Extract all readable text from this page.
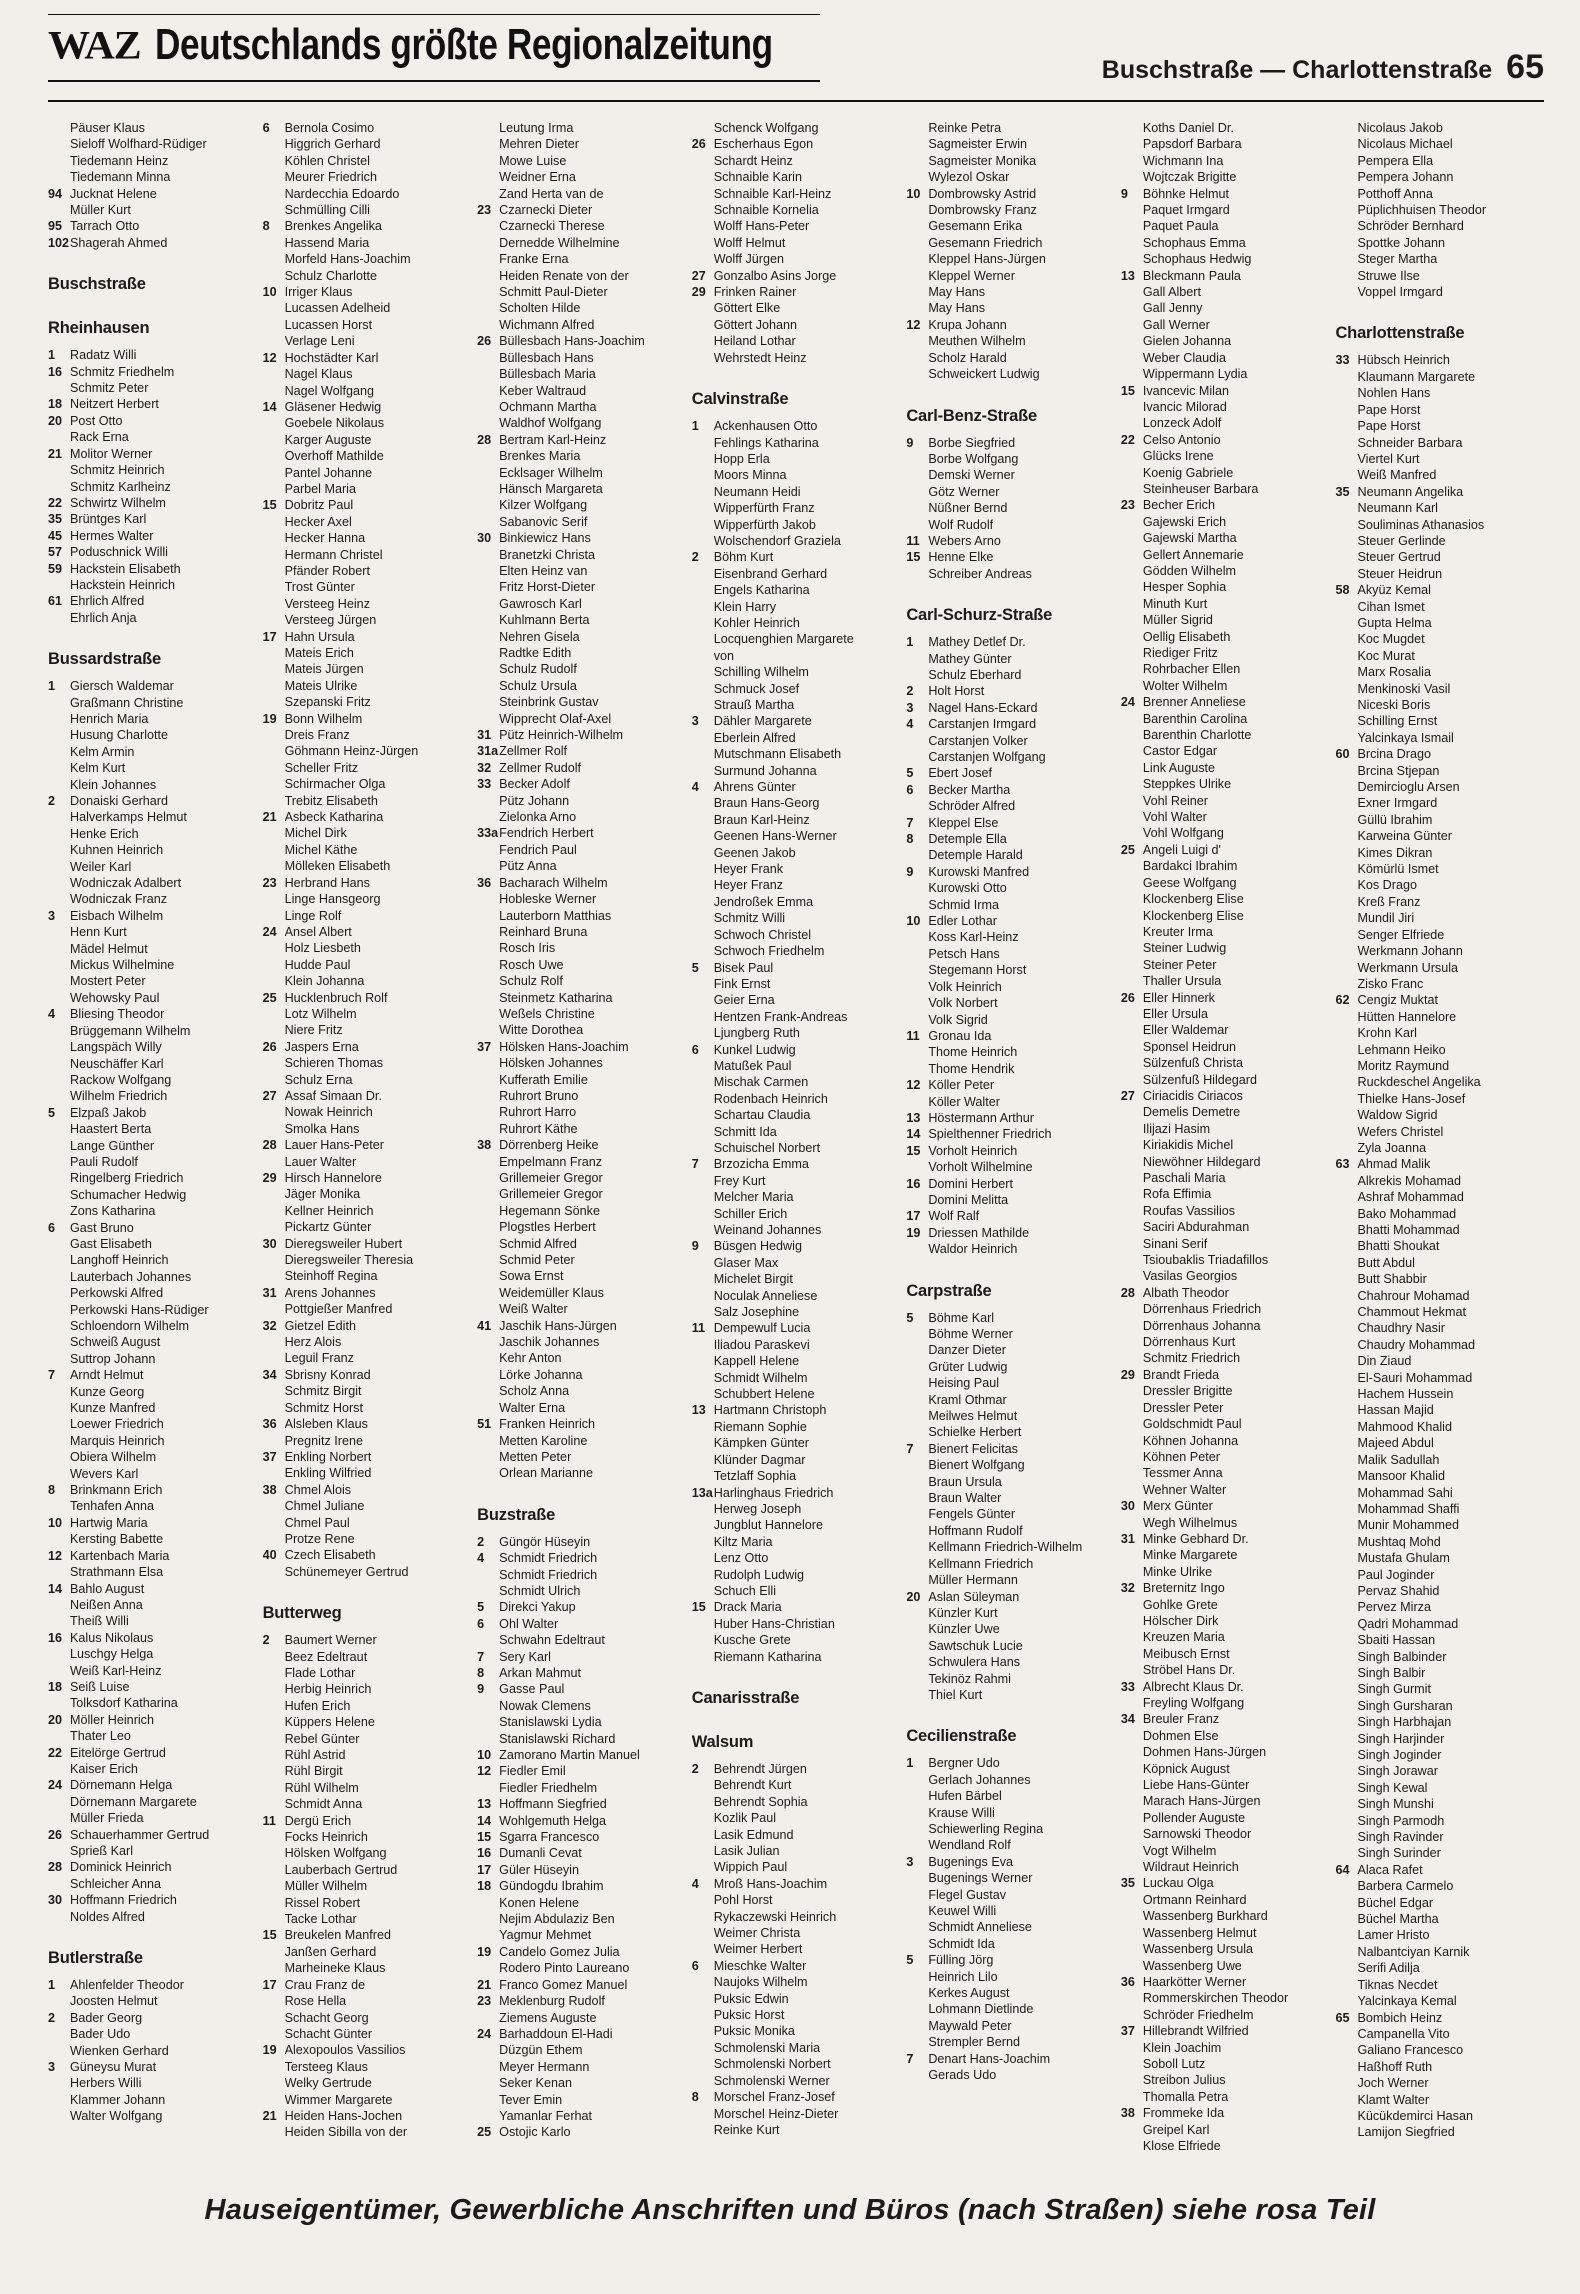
WAZ Deutschlands größte Regionalzeitung
Buschstraße — Charlottenstraße 65
Päuser Klaus
Sieloff Wolfhard-Rüdiger
Tiedemann Heinz
Tiedemann Minna
94 Jucknat Helene
Müller Kurt
95 Tarrach Otto
102 Shagerah Ahmed
Buschstraße
Rheinhausen
1	Radatz Willi
16 Schmitz Friedhelm
Schmitz Peter
18 Neitzert Herbert
20 Post Otto
Rack Erna
21 Molitor Werner
Schmitz Heinrich
Schmitz Karlheinz
22 Schwirtz Wilhelm
35 Brüntges Karl
45 Hermes Walter
57 Poduschnick Willi
59 Hackstein Elisabeth
Hackstein Heinrich
61 Ehrlich Alfred
Ehrlich Anja
Bussardstraße
1	Giersch Waldemar
Graßmann Christine
Henrich Maria
Husung Charlotte
Kelm Armin
Kelm Kurt
Klein Johannes
2	Donaiski Gerhard
Halverkamps Helmut
Henke Erich
Kuhnen Heinrich
Weiler Karl
Wodniczak Adalbert
Wodniczak Franz
3	Eisbach Wilhelm
Henn Kurt
Mädel Helmut
Mickus Wilhelmine
Mostert Peter
Wehowsky Paul
4	Bliesing Theodor
Brüggemann Wilhelm
Langspäch Willy
Neuschäffer Karl
Rackow Wolfgang
Wilhelm Friedrich
5	Elzpaß Jakob
Haastert Berta
Lange Günther
Pauli Rudolf
Ringelberg Friedrich
Schumacher Hedwig
Zons Katharina
6	Gast Bruno
Gast Elisabeth
Langhoff Heinrich
Lauterbach Johannes
Perkowski Alfred
Perkowski Hans-Rüdiger
Schloendorn Wilhelm
Schweiß August
Suttrop Johann
7	Arndt Helmut
Kunze Georg
Kunze Manfred
Loewer Friedrich
Marquis Heinrich
Obiera Wilhelm
Wevers Karl
8	Brinkmann Erich
Tenhafen Anna
10 Hartwig Maria
Kersting Babette
12 Kartenbach Maria
Strathmann Elsa
14 Bahlo August
Neißen Anna
Theiß Willi
16 Kalus Nikolaus
Luschgy Helga
Weiß Karl-Heinz
18 Seiß Luise
Tolksdorf Katharina
20 Möller Heinrich
Thater Leo
22 Eitelörge Gertrud
Kaiser Erich
24 Dörnemann Helga
Dörnemann Margarete
Müller Frieda
26 Schauerhammer Gertrud
Sprieß Karl
28 Dominick Heinrich
Schleicher Anna
30 Hoffmann Friedrich
Noldes Alfred
Butlerstraße
1	Ahlenfelder Theodor
Joosten Helmut
2	Bader Georg
Bader Udo
Wienken Gerhard
3	Güneysu Murat
Herbers Willi
Klammer Johann
Walter Wolfgang
6	Bernola Cosimo
Higgrich Gerhard
Köhlen Christel
Meurer Friedrich
Nardecchia Edoardo
Schmülling Cilli
8	Brenkes Angelika
Hassend Maria
Morfeld Hans-Joachim
Schulz Charlotte
10 Irriger Klaus
Lucassen Adelheid
Lucassen Horst
Verlage Leni
12 Hochstädter Karl
Nagel Klaus
Nagel Wolfgang
14 Gläsener Hedwig
Goebele Nikolaus
Karger Auguste
Overhoff Mathilde
Pantel Johanne
Parbel Maria
15 Dobritz Paul
Hecker Axel
Hecker Hanna
Hermann Christel
Pfänder Robert
Trost Günter
Versteeg Heinz
Versteeg Jürgen
17 Hahn Ursula
Mateis Erich
Mateis Jürgen
Mateis Ulrike
Szepanski Fritz
19 Bonn Wilhelm
Dreis Franz
Göhmann Heinz-Jürgen
Scheller Fritz
Schirmacher Olga
Trebitz Elisabeth
21 Asbeck Katharina
Michel Dirk
Michel Käthe
Mölleken Elisabeth
23 Herbrand Hans
Linge Hansgeorg
Linge Rolf
24 Ansel Albert
Holz Liesbeth
Hudde Paul
Klein Johanna
25 Hucklenbruch Rolf
Lotz Wilhelm
Niere Fritz
26 Jaspers Erna
Schieren Thomas
Schulz Erna
27 Assaf Simaan Dr.
Nowak Heinrich
Smolka Hans
28 Lauer Hans-Peter
Lauer Walter
29 Hirsch Hannelore
Jäger Monika
Kellner Heinrich
Pickartz Günter
30 Dieregsweiler Hubert
Dieregsweiler Theresia
Steinhoff Regina
31 Arens Johannes
Pottgießer Manfred
32 Gietzel Edith
Herz Alois
Leguil Franz
34 Sbrisny Konrad
Schmitz Birgit
Schmitz Horst
36 Alsleben Klaus
Pregnitz Irene
37 Enkling Norbert
Enkling Wilfried
38 Chmel Alois
Chmel Juliane
Chmel Paul
Protze Rene
40 Czech Elisabeth
Schünemeyer Gertrud
Butterweg
2	Baumert Werner
Beez Edeltraut
Flade Lothar
Herbig Heinrich
Hufen Erich
Küppers Helene
Rebel Günter
Rühl Astrid
Rühl Birgit
Rühl Wilhelm
Schmidt Anna
11 Dergü Erich
Focks Heinrich
Hölsken Wolfgang
Lauberbach Gertrud
Müller Wilhelm
Rissel Robert
Tacke Lothar
15 Breukelen Manfred
Janßen Gerhard
Marheineke Klaus
17 Crau Franz de
Rose Hella
Schacht Georg
Schacht Günter
19 Alexopoulos Vassilios
Tersteeg Klaus
Welky Gertrude
Wimmer Margarete
21 Heiden Hans-Jochen
Heiden Sibilla von der
Leutung Irma
Mehren Dieter
Mowe Luise
Weidner Erna
Zand Herta van de
23 Czarnecki Dieter
Czarnecki Therese
Dernedde Wilhelmine
Franke Erna
Heiden Renate von der
Schmitt Paul-Dieter
Scholten Hilde
Wichmann Alfred
26 Büllesbach Hans-Joachim
Büllesbach Hans
Büllesbach Maria
Keber Waltraud
Ochmann Martha
Waldhof Wolfgang
28 Bertram Karl-Heinz
Brenkes Maria
Ecklsager Wilhelm
Hänsch Margareta
Kilzer Wolfgang
Sabanovic Serif
30 Binkiewicz Hans
Branetzki Christa
Elten Heinz van
Fritz Horst-Dieter
Gawrosch Karl
Kuhlmann Berta
Nehren Gisela
Radtke Edith
Schulz Rudolf
Schulz Ursula
Steinbrink Gustav
Wipprecht Olaf-Axel
31 Pütz Heinrich-Wilhelm
31a Zellmer Rolf
32 Zellmer Rudolf
33 Becker Adolf
Pütz Johann
Zielonka Arno
33a Fendrich Herbert
Fendrich Paul
Pütz Anna
36 Bacharach Wilhelm
Hobleske Werner
Lauterborn Matthias
Reinhard Bruna
Rosch Iris
Rosch Uwe
Schulz Rolf
Steinmetz Katharina
Weßels Christine
Witte Dorothea
37 Hölsken Hans-Joachim
Hölsken Johannes
Kufferath Emilie
Ruhrort Bruno
Ruhrort Harro
Ruhrort Käthe
38 Dörrenberg Heike
Empelmann Franz
Grillemeier Gregor
Grillemeier Gregor
Hegemann Sönke
Plogstles Herbert
Schmid Alfred
Schmid Peter
Sowa Ernst
Weidemüller Klaus
Weiß Walter
41 Jaschik Hans-Jürgen
Jaschik Johannes
Kehr Anton
Lörke Johanna
Scholz Anna
Walter Erna
51 Franken Heinrich
Metten Karoline
Metten Peter
Orlean Marianne
Buzstraße
2	Güngör Hüseyin
4	Schmidt Friedrich
Schmidt Friedrich
Schmidt Ulrich
5	Direkci Yakup
6	Ohl Walter
Schwahn Edeltraut
7	Sery Karl
8	Arkan Mahmut
9	Gasse Paul
Nowak Clemens
Stanislawski Lydia
Stanislawski Richard
10 Zamorano Martin Manuel
12 Fiedler Emil
Fiedler Friedhelm
13 Hoffmann Siegfried
14 Wohlgemuth Helga
15 Sgarra Francesco
16 Dumanli Cevat
17 Güler Hüseyin
18 Gündogdu Ibrahim
Konen Helene
Nejim Abdulaziz Ben
Yagmur Mehmet
19 Candelo Gomez Julia
Rodero Pinto Laureano
21 Franco Gomez Manuel
23 Meklenburg Rudolf
Ziemens Auguste
24 Barhaddoun El-Hadi
Düzgün Ethem
Meyer Hermann
Seker Kenan
Tever Emin
Yamanlar Ferhat
25 Ostojic Karlo
Schenck Wolfgang
26 Escherhaus Egon
Schardt Heinz
Schnaible Karin
Schnaible Karl-Heinz
Schnaible Kornelia
Wolff Hans-Peter
Wolff Helmut
Wolff Jürgen
27 Gonzalbo Asins Jorge
29 Frinken Rainer
Göttert Elke
Göttert Johann
Heiland Lothar
Wehrstedt Heinz
Calvinstraße
1	Ackenhausen Otto
Fehlings Katharina
Hopp Erla
Moors Minna
Neumann Heidi
Wipperfürth Franz
Wipperfürth Jakob
Wolschendorf Graziela
2	Böhm Kurt
Eisenbrand Gerhard
Engels Katharina
Klein Harry
Kohler Heinrich
Locquenghien Margarete
von
Schilling Wilhelm
Schmuck Josef
Strauß Martha
3	Dähler Margarete
Eberlein Alfred
Mutschmann Elisabeth
Surmund Johanna
4	Ahrens Günter
Braun Hans-Georg
Braun Karl-Heinz
Geenen Hans-Werner
Geenen Jakob
Heyer Frank
Heyer Franz
Jendroßek Emma
Schmitz Willi
Schwoch Christel
Schwoch Friedhelm
5	Bisek Paul
Fink Ernst
Geier Erna
Hentzen Frank-Andreas
Ljungberg Ruth
6	Kunkel Ludwig
Matußek Paul
Mischak Carmen
Rodenbach Heinrich
Schartau Claudia
Schmitt Ida
Schuischel Norbert
7	Brzozicha Emma
Frey Kurt
Melcher Maria
Schiller Erich
Weinand Johannes
9	Büsgen Hedwig
Glaser Max
Michelet Birgit
Noculak Anneliese
Salz Josephine
11 Dempewulf Lucia
Iliadou Paraskevi
Kappell Helene
Schmidt Wilhelm
Schubbert Helene
13 Hartmann Christoph
Riemann Sophie
Kämpken Günter
Klünder Dagmar
Tetzlaff Sophia
13a Harlinghaus Friedrich
Herweg Joseph
Jungblut Hannelore
Kiltz Maria
Lenz Otto
Rudolph Ludwig
Schuch Elli
15 Drack Maria
Huber Hans-Christian
Kusche Grete
Riemann Katharina
Canarisstraße
Walsum
2	Behrendt Jürgen
Behrendt Kurt
Behrendt Sophia
Kozlik Paul
Lasik Edmund
Lasik Julian
Wippich Paul
4	Mroß Hans-Joachim
Pohl Horst
Rykaczewski Heinrich
Weimer Christa
Weimer Herbert
6	Mieschke Walter
Naujoks Wilhelm
Puksic Edwin
Puksic Horst
Puksic Monika
Schmolenski Maria
Schmolenski Norbert
Schmolenski Werner
8	Morschel Franz-Josef
Morschel Heinz-Dieter
Reinke Kurt
Reinke Petra
Sagmeister Erwin
Sagmeister Monika
Wylezol Oskar
10 Dombrowsky Astrid
Dombrowsky Franz
Gesemann Erika
Gesemann Friedrich
Kleppel Hans-Jürgen
Kleppel Werner
May Hans
May Hans
12 Krupa Johann
Meuthen Wilhelm
Scholz Harald
Schweickert Ludwig
Carl-Benz-Straße
9	Borbe Siegfried
Borbe Wolfgang
Demski Werner
Götz Werner
Nüßner Bernd
Wolf Rudolf
11 Webers Arno
15 Henne Elke
Schreiber Andreas
Carl-Schurz-Straße
1	Mathey Detlef Dr.
Mathey Günter
Schulz Eberhard
2	Holt Horst
3	Nagel Hans-Eckard
4	Carstanjen Irmgard
Carstanjen Volker
Carstanjen Wolfgang
5	Ebert Josef
6	Becker Martha
Schröder Alfred
7	Kleppel Else
8	Detemple Ella
Detemple Harald
9	Kurowski Manfred
Kurowski Otto
Schmid Irma
10 Edler Lothar
Koss Karl-Heinz
Petsch Hans
Stegemann Horst
Volk Heinrich
Volk Norbert
Volk Sigrid
11 Gronau Ida
Thome Heinrich
Thome Hendrik
12 Köller Peter
Köller Walter
13 Höstermann Arthur
14 Spielthenner Friedrich
15 Vorholt Heinrich
Vorholt Wilhelmine
16 Domini Herbert
Domini Melitta
17 Wolf Ralf
19 Driessen Mathilde
Waldor Heinrich
Carpstraße
5	Böhme Karl
Böhme Werner
Danzer Dieter
Grüter Ludwig
Heising Paul
Kraml Othmar
Meilwes Helmut
Schielke Herbert
7	Bienert Felicitas
Bienert Wolfgang
Braun Ursula
Braun Walter
Fengels Günter
Hoffmann Rudolf
Kellmann Friedrich-Wilhelm
Kellmann Friedrich
Müller Hermann
20 Aslan Süleyman
Künzler Kurt
Künzler Uwe
Sawtschuk Lucie
Schwulera Hans
Tekinöz Rahmi
Thiel Kurt
Cecilienstraße
1	Bergner Udo
Gerlach Johannes
Hufen Bärbel
Krause Willi
Schiewerling Regina
Wendland Rolf
3	Bugenings Eva
Bugenings Werner
Flegel Gustav
Keuwel Willi
Schmidt Anneliese
Schmidt Ida
5	Fülling Jörg
Heinrich Lilo
Kerkes August
Lohmann Dietlinde
Maywald Peter
Strempler Bernd
7	Denart Hans-Joachim
Gerads Udo
Koths Daniel Dr.
Papsdorf Barbara
Wichmann Ina
Wojtczak Brigitte
9	Böhnke Helmut
Paquet Irmgard
Paquet Paula
Schophaus Emma
Schophaus Hedwig
13 Bleckmann Paula
Gall Albert
Gall Jenny
Gall Werner
Gielen Johanna
Weber Claudia
Wippermann Lydia
15 Ivancevic Milan
Ivancic Milorad
Lonzeck Adolf
22 Celso Antonio
Glücks Irene
Koenig Gabriele
Steinheuser Barbara
23 Becher Erich
Gajewski Erich
Gajewski Martha
Gellert Annemarie
Gödden Wilhelm
Hesper Sophia
Minuth Kurt
Müller Sigrid
Oellig Elisabeth
Riediger Fritz
Rohrbacher Ellen
Wolter Wilhelm
24 Brenner Anneliese
Barenthin Carolina
Barenthin Charlotte
Castor Edgar
Link Auguste
Steppkes Ulrike
Vohl Reiner
Vohl Walter
Vohl Wolfgang
25 Angeli Luigi d'
Bardakci Ibrahim
Geese Wolfgang
Klockenberg Elise
Klockenberg Elise
Kreuter Irma
Steiner Ludwig
Steiner Peter
Thaller Ursula
26 Eller Hinnerk
Eller Ursula
Eller Waldemar
Sponsel Heidrun
Sülzenfuß Christa
Sülzenfuß Hildegard
27 Ciriacidis Ciriacos
Demelis Demetre
Ilijazi Hasim
Kiriakidis Michel
Niewöhner Hildegard
Paschali Maria
Rofa Effimia
Roufas Vassilios
Saciri Abdurahman
Sinani Serif
Tsioubaklis Triadafillos
Vasilas Georgios
28 Albath Theodor
Dörrenhaus Friedrich
Dörrenhaus Johanna
Dörrenhaus Kurt
Schmitz Friedrich
29 Brandt Frieda
Dressler Brigitte
Dressler Peter
Goldschmidt Paul
Köhnen Johanna
Köhnen Peter
Tessmer Anna
Wehner Walter
30 Merx Günter
Wegh Wilhelmus
31 Minke Gebhard Dr.
Minke Margarete
Minke Ulrike
32 Breternitz Ingo
Gohlke Grete
Hölscher Dirk
Kreuzen Maria
Meibusch Ernst
Ströbel Hans Dr.
33 Albrecht Klaus Dr.
Freyling Wolfgang
34 Breuler Franz
Dohmen Else
Dohmen Hans-Jürgen
Köpnick August
Liebe Hans-Günter
Marach Hans-Jürgen
Pollender Auguste
Sarnowski Theodor
Vogt Wilhelm
Wildraut Heinrich
35 Luckau Olga
Ortmann Reinhard
Wassenberg Burkhard
Wassenberg Helmut
Wassenberg Ursula
Wassenberg Uwe
36 Haarkötter Werner
Rommerskirchen Theodor
Schröder Friedhelm
37 Hillebrandt Wilfried
Klein Joachim
Soboll Lutz
Streibon Julius
Thomalla Petra
38 Frommeke Ida
Greipel Karl
Klose Elfriede
Nicolaus Jakob
Nicolaus Michael
Pempera Ella
Pempera Johann
Potthoff Anna
Püplichhuisen Theodor
Schröder Bernhard
Spottke Johann
Steger Martha
Struwe Ilse
Voppel Irmgard
Charlottenstraße
33 Hübsch Heinrich
Klaumann Margarete
Nohlen Hans
Pape Horst
Pape Horst
Schneider Barbara
Viertel Kurt
Weiß Manfred
35 Neumann Angelika
Neumann Karl
Souliminas Athanasios
Steuer Gerlinde
Steuer Gertrud
Steuer Heidrun
58 Akyüz Kemal
Cihan Ismet
Gupta Helma
Koc Mugdet
Koc Murat
Marx Rosalia
Menkinoski Vasil
Niceski Boris
Schilling Ernst
Yalcinkaya Ismail
60 Brcina Drago
Brcina Stjepan
Demircioglu Arsen
Exner Irmgard
Güllü Ibrahim
Karweina Günter
Kimes Dikran
Kömürlü Ismet
Kos Drago
Kreß Franz
Mundil Jiri
Senger Elfriede
Werkmann Johann
Werkmann Ursula
Zisko Franc
62 Cengiz Muktat
Hütten Hannelore
Krohn Karl
Lehmann Heiko
Moritz Raymund
Ruckdeschel Angelika
Thielke Hans-Josef
Waldow Sigrid
Wefers Christel
Zyla Joanna
63 Ahmad Malik
Alkrekis Mohamad
Ashraf Mohammad
Bako Mohammad
Bhatti Mohammad
Bhatti Shoukat
Butt Abdul
Butt Shabbir
Chahrour Mohamad
Chammout Hekmat
Chaudhry Nasir
Chaudry Mohammad
Din Ziaud
El-Sauri Mohammad
Hachem Hussein
Hassan Majid
Mahmood Khalid
Majeed Abdul
Malik Sadullah
Mansoor Khalid
Mohammad Sahi
Mohammad Shaffi
Munir Mohammed
Mushtaq Mohd
Mustafa Ghulam
Paul Joginder
Pervaz Shahid
Pervez Mirza
Qadri Mohammad
Sbaiti Hassan
Singh Balbinder
Singh Balbir
Singh Gurmit
Singh Gursharan
Singh Harbhajan
Singh Harjinder
Singh Joginder
Singh Jorawar
Singh Kewal
Singh Munshi
Singh Parmodh
Singh Ravinder
Singh Surinder
64 Alaca Rafet
Barbera Carmelo
Büchel Edgar
Büchel Martha
Lamer Hristo
Nalbantciyan Karnik
Serifi Adilja
Tiknas Necdet
Yalcinkaya Kemal
65 Bombich Heinz
Campanella Vito
Galiano Francesco
Haßhoff Ruth
Joch Werner
Klamt Walter
Kücükdemirci Hasan
Lamijon Siegfried
Hauseigentümer, Gewerbliche Anschriften und Büros (nach Straßen) siehe rosa Teil
